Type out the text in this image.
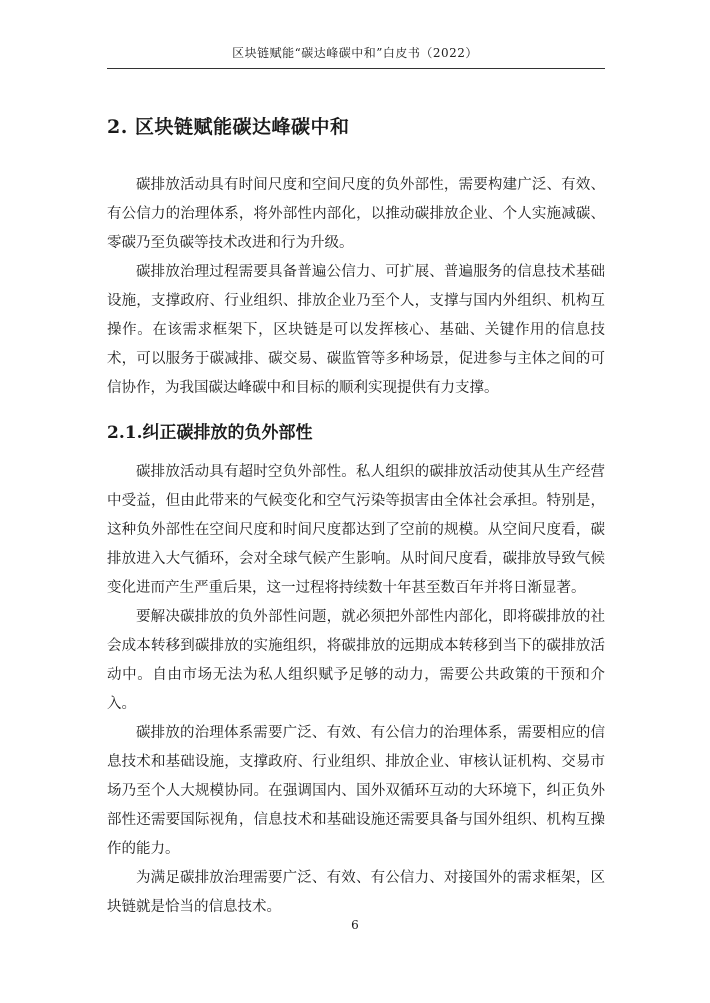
区块链赋能“碳达峰碳中和”白皮书（2022）
2. 区块链赋能碳达峰碳中和

碳排放活动具有时间尺度和空间尺度的负外部性，需要构建广泛、有效、有公信力的治理体系，将外部性内部化，以推动碳排放企业、个人实施减碳、零碳乃至负碳等技术改进和行为升级。

碳排放治理过程需要具备普遍公信力、可扩展、普遍服务的信息技术基础设施，支撑政府、行业组织、排放企业乃至个人，支撑与国内外组织、机构互操作。在该需求框架下，区块链是可以发挥核心、基础、关键作用的信息技术，可以服务于碳减排、碳交易、碳监管等多种场景，促进参与主体之间的可信协作，为我国碳达峰碳中和目标的顺利实现提供有力支撑。

2.1.纠正碳排放的负外部性

碳排放活动具有超时空负外部性。私人组织的碳排放活动使其从生产经营中受益，但由此带来的气候变化和空气污染等损害由全体社会承担。特别是，这种负外部性在空间尺度和时间尺度都达到了空前的规模。从空间尺度看，碳排放进入大气循环，会对全球气候产生影响。从时间尺度看，碳排放导致气候变化进而产生严重后果，这一过程将持续数十年甚至数百年并将日渐显著。

要解决碳排放的负外部性问题，就必须把外部性内部化，即将碳排放的社会成本转移到碳排放的实施组织，将碳排放的远期成本转移到当下的碳排放活动中。自由市场无法为私人组织赋予足够的动力，需要公共政策的干预和介入。

碳排放的治理体系需要广泛、有效、有公信力的治理体系，需要相应的信息技术和基础设施，支撑政府、行业组织、排放企业、审核认证机构、交易市场乃至个人大规模协同。在强调国内、国外双循环互动的大环境下，纠正负外部性还需要国际视角，信息技术和基础设施还需要具备与国外组织、机构互操作的能力。

为满足碳排放治理需要广泛、有效、有公信力、对接国外的需求框架，区块链就是恰当的信息技术。

6
